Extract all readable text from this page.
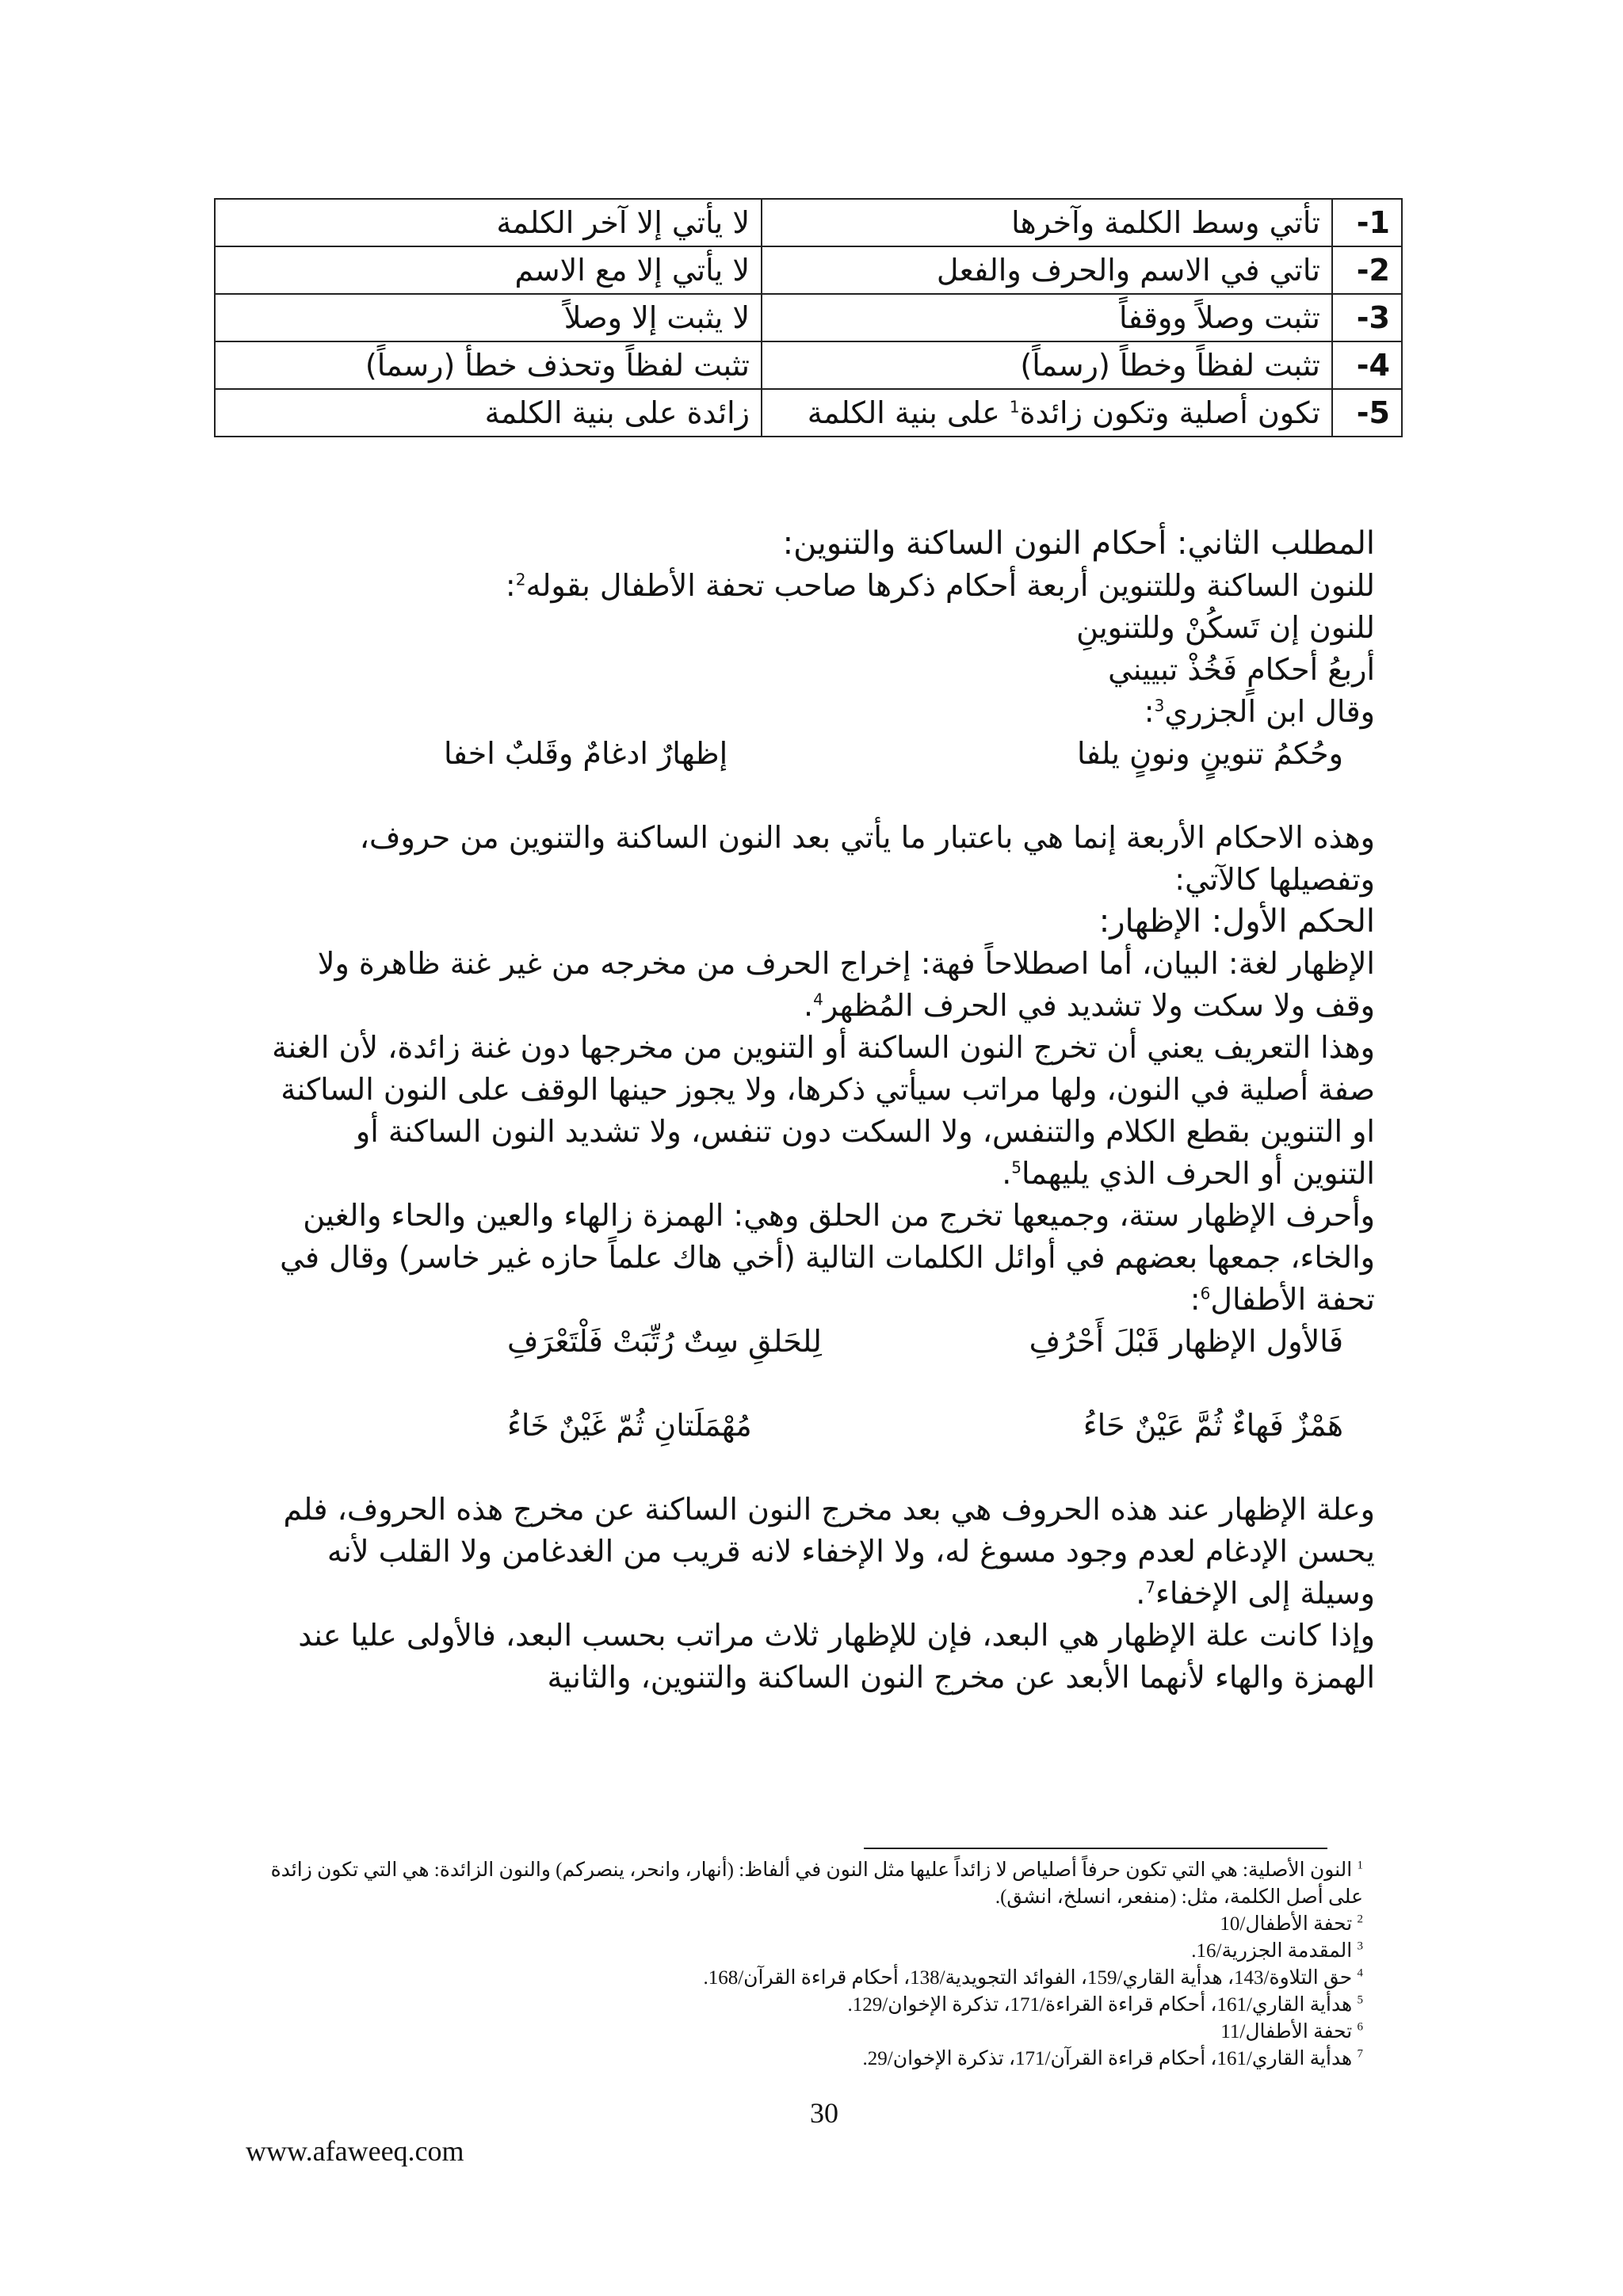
1-	تأتي وسط الكلمة وآخرها	لا يأتي إلا آخر الكلمة
2-	تاتي في الاسم والحرف والفعل	لا يأتي إلا مع الاسم
3-	تثبت وصلاً ووقفاً	لا يثبت إلا وصلاً
4-	تثبت لفظاً وخطاً (رسماً)	تثبت لفظاً وتحذف خطأ (رسماً)
5-	تكون أصلية وتكون زائدة$^1$ على بنية الكلمة	زائدة على بنية الكلمة

المطلب الثاني: أحكام النون الساكنة والتنوين:

للنون الساكنة وللتنوين أربعة أحكام ذكرها صاحب تحفة الأطفال بقوله$^2$:

للنون إن تَسكُنْ وللتنوينِ

أربعُ أحكامٍ فَخُذْ تبييني

وقال ابن الجزري$^3$:

وحُكمُ تنوينٍ ونونٍ يلفا
إظهارٌ ادغامٌ وقَلبٌ اخفا

وهذه الاحكام الأربعة إنما هي باعتبار ما يأتي بعد النون الساكنة والتنوين من حروف، وتفصيلها كالآتي:

الحكم الأول: الإظهار:

الإظهار لغة: البيان، أما اصطلاحاً فهة: إخراج الحرف من مخرجه من غير غنة ظاهرة ولا وقف ولا سكت ولا تشديد في الحرف المُظهر$^4$.

وهذا التعريف يعني أن تخرج النون الساكنة أو التنوين من مخرجها دون غنة زائدة، لأن الغنة صفة أصلية في النون، ولها مراتب سيأتي ذكرها، ولا يجوز حينها الوقف على النون الساكنة او التنوين بقطع الكلام والتنفس، ولا السكت دون تنفس، ولا تشديد النون الساكنة أو التنوين أو الحرف الذي يليهما$^5$.

وأحرف الإظهار ستة، وجميعها تخرج من الحلق وهي: الهمزة زالهاء والعين والحاء والغين والخاء، جمعها بعضهم في أوائل الكلمات التالية (أخي هاك علماً حازه غير خاسر) وقال في تحفة الأطفال$^6$:

فَالأول الإظهار قَبْلَ أَحْرُفِ
لِلحَلقِ سِتٌ رُتِّبَتْ فَلْتَعْرَفِ
هَمْزٌ فَهاءٌ ثُمَّ عَيْنٌ حَاءُ
مُهْمَلَتانِ ثُمّ غَيْنٌ خَاءُ

وعلة الإظهار عند هذه الحروف هي بعد مخرج النون الساكنة عن مخرج هذه الحروف، فلم يحسن الإدغام لعدم وجود مسوغ له، ولا الإخفاء لانه قريب من الغدغامن ولا القلب لأنه وسيلة إلى الإخفاء$^7$.

وإذا كانت علة الإظهار هي البعد، فإن للإظهار ثلاث مراتب بحسب البعد، فالأولى عليا عند الهمزة والهاء لأنهما الأبعد عن مخرج النون الساكنة والتنوين، والثانية

$^1$ النون الأصلية: هي التي تكون حرفاً أصلياص لا زائداً عليها مثل النون في ألفاظ: (أنهار، وانحر، ينصركم) والنون الزائدة: هي التي تكون زائدة على أصل الكلمة، مثل: (منفعر، انسلخ، انشق).

$^2$ تحفة الأطفال/10

$^3$ المقدمة الجزرية/16.

$^4$ حق التلاوة/143، هدأية القاري/159، الفوائد التجويدية/138، أحكام قراءة القرآن/168.

$^5$ هدأية القاري/161، أحكام قراءة القراءة/171، تذكرة الإخوان/129.

$^6$ تحفة الأطفال/11

$^7$ هدأية القاري/161، أحكام قراءة القرآن/171، تذكرة الإخوان/29.

30
www.afaweeq.com
